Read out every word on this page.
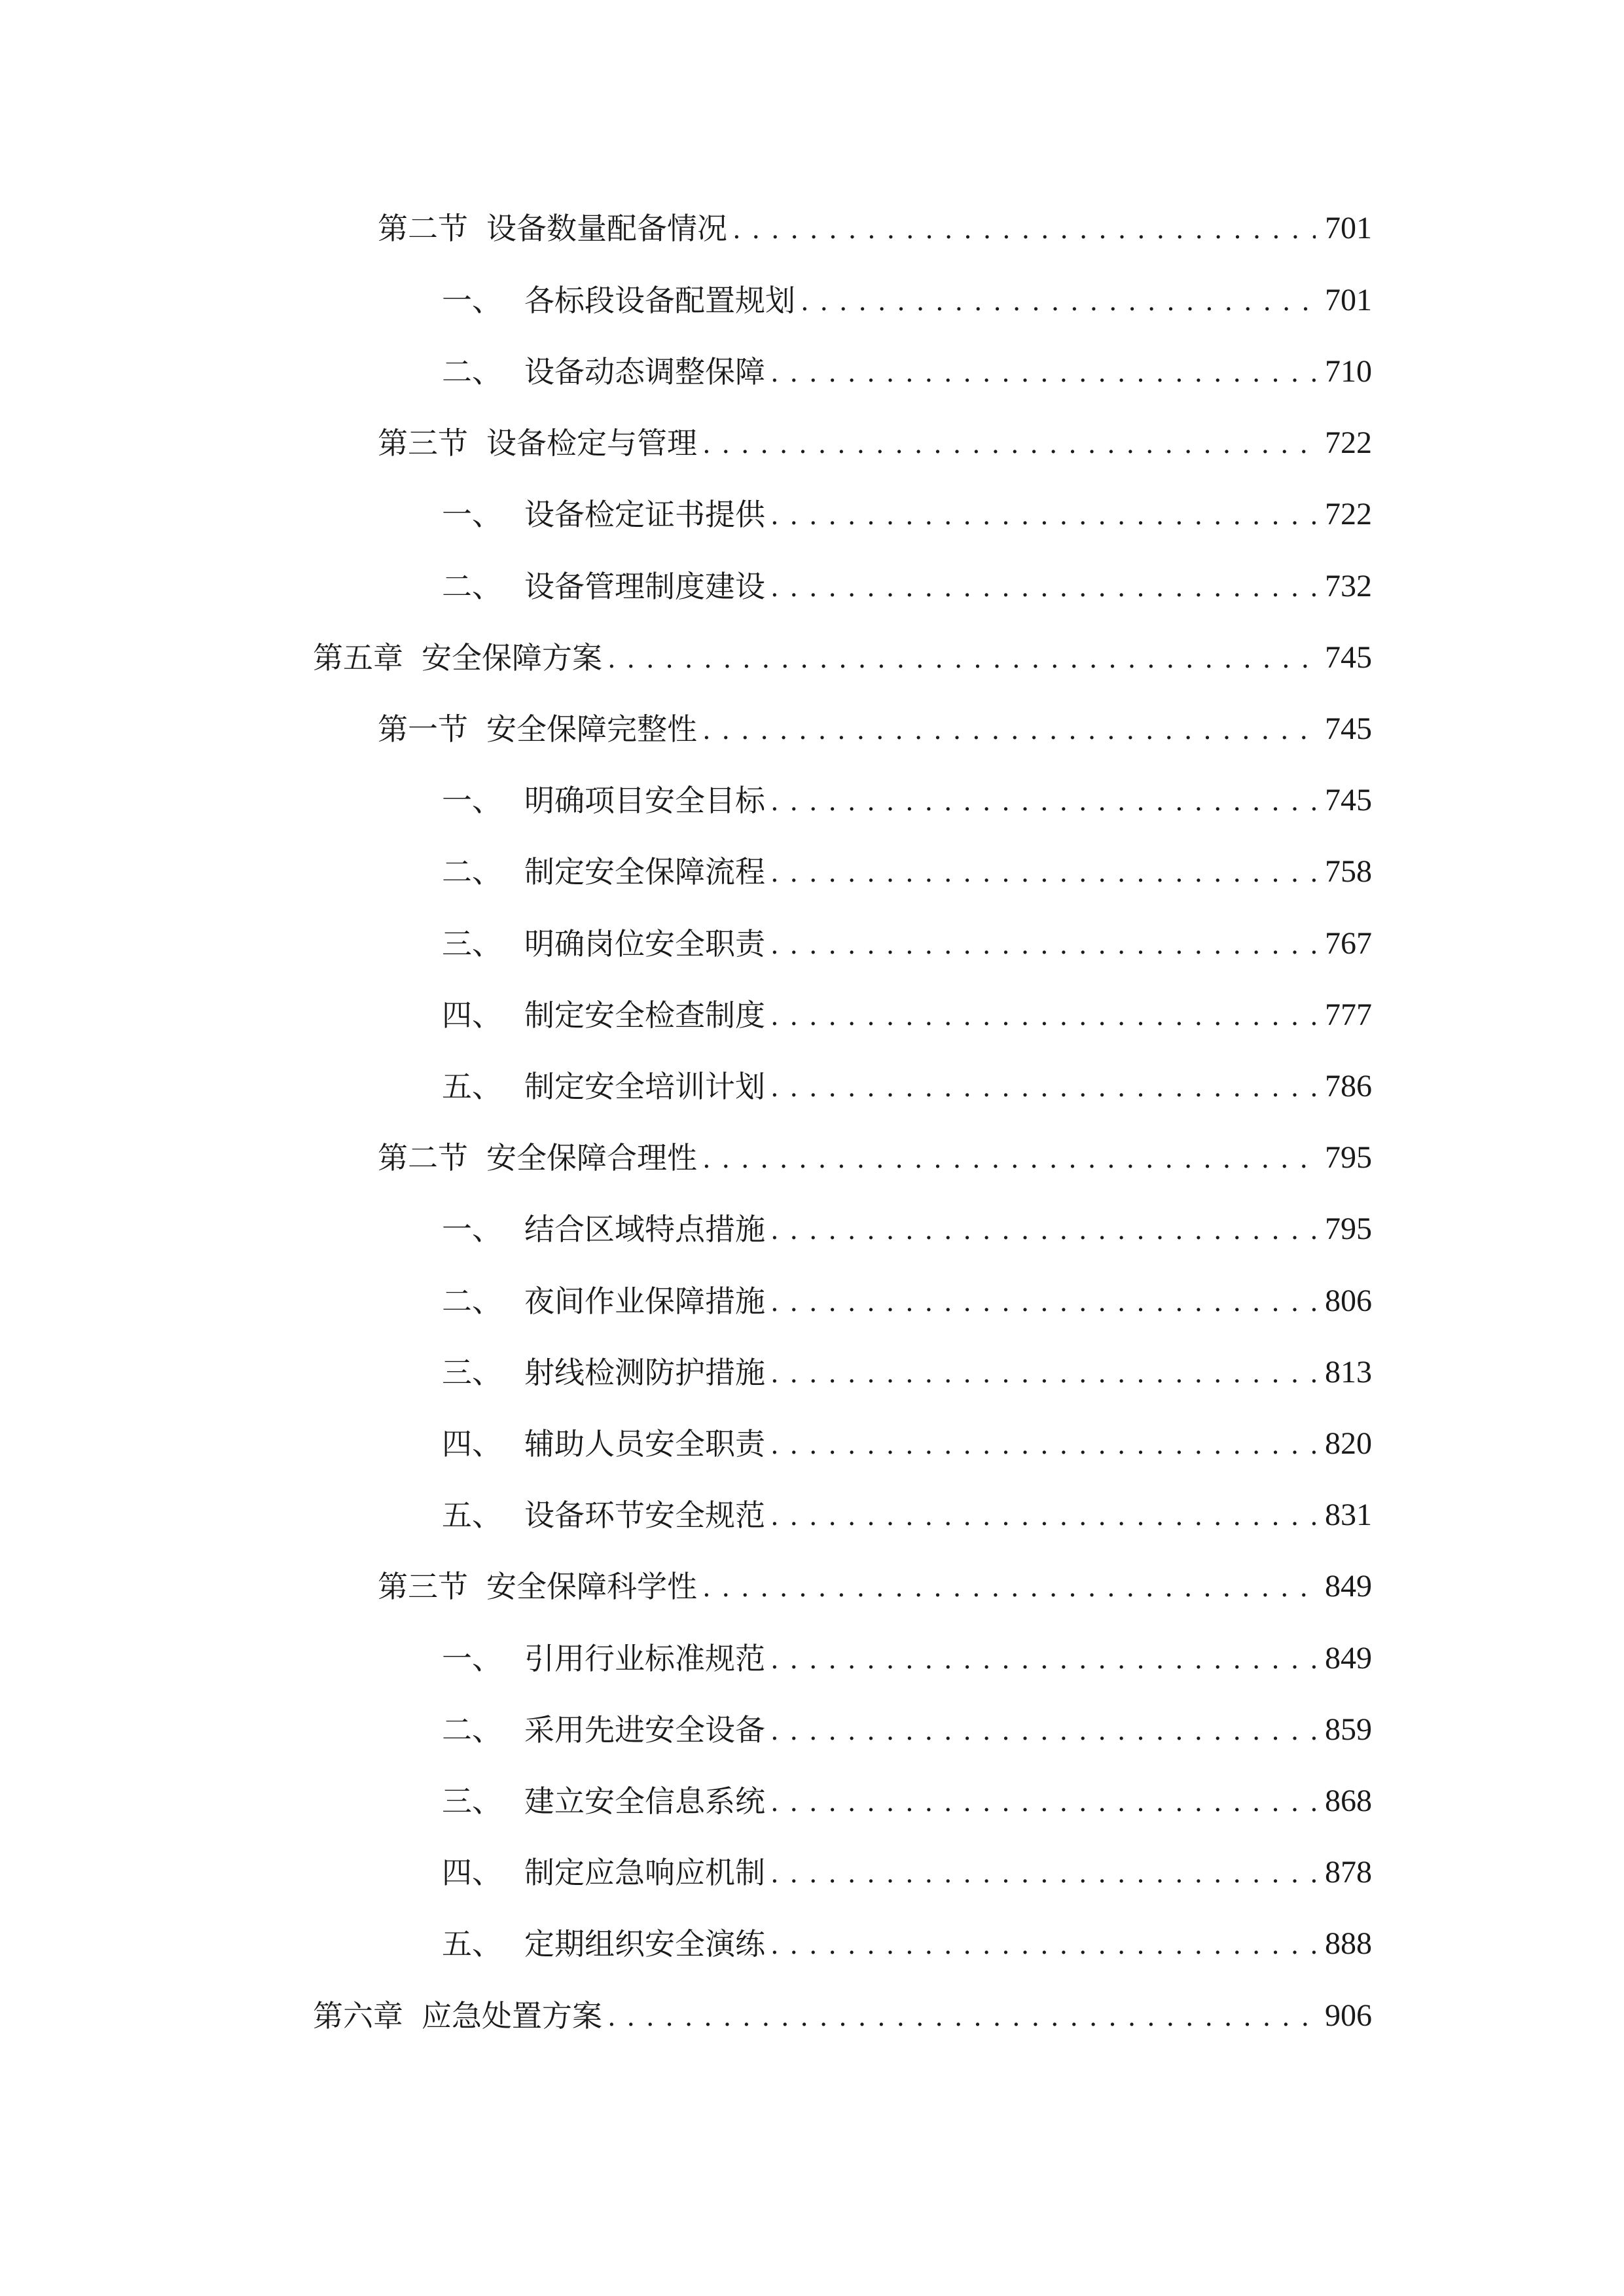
第二节 设备数量配备情况 . . .	701
一、 各标段设备配置规划 . . .	701
二、 设备动态调整保障 . . .	710
第三节 设备检定与管理 . . .	722
一、 设备检定证书提供 . . .	722
二、 设备管理制度建设 . . .	732
第五章 安全保障方案 . . .	745
第一节 安全保障完整性 . . .	745
一、 明确项目安全目标 . . .	745
二、 制定安全保障流程 . . .	758
三、 明确岗位安全职责 . . .	767
四、 制定安全检查制度 . . .	777
五、 制定安全培训计划 . . .	786
第二节 安全保障合理性 . . .	795
一、 结合区域特点措施 . . .	795
二、 夜间作业保障措施 . . .	806
三、 射线检测防护措施 . . .	813
四、 辅助人员安全职责 . . .	820
五、 设备环节安全规范 . . .	831
第三节 安全保障科学性 . . .	849
一、 引用行业标准规范 . . .	849
二、 采用先进安全设备 . . .	859
三、 建立安全信息系统 . . .	868
四、 制定应急响应机制 . . .	878
五、 定期组织安全演练 . . .	888
第六章 应急处置方案 . . .	906
